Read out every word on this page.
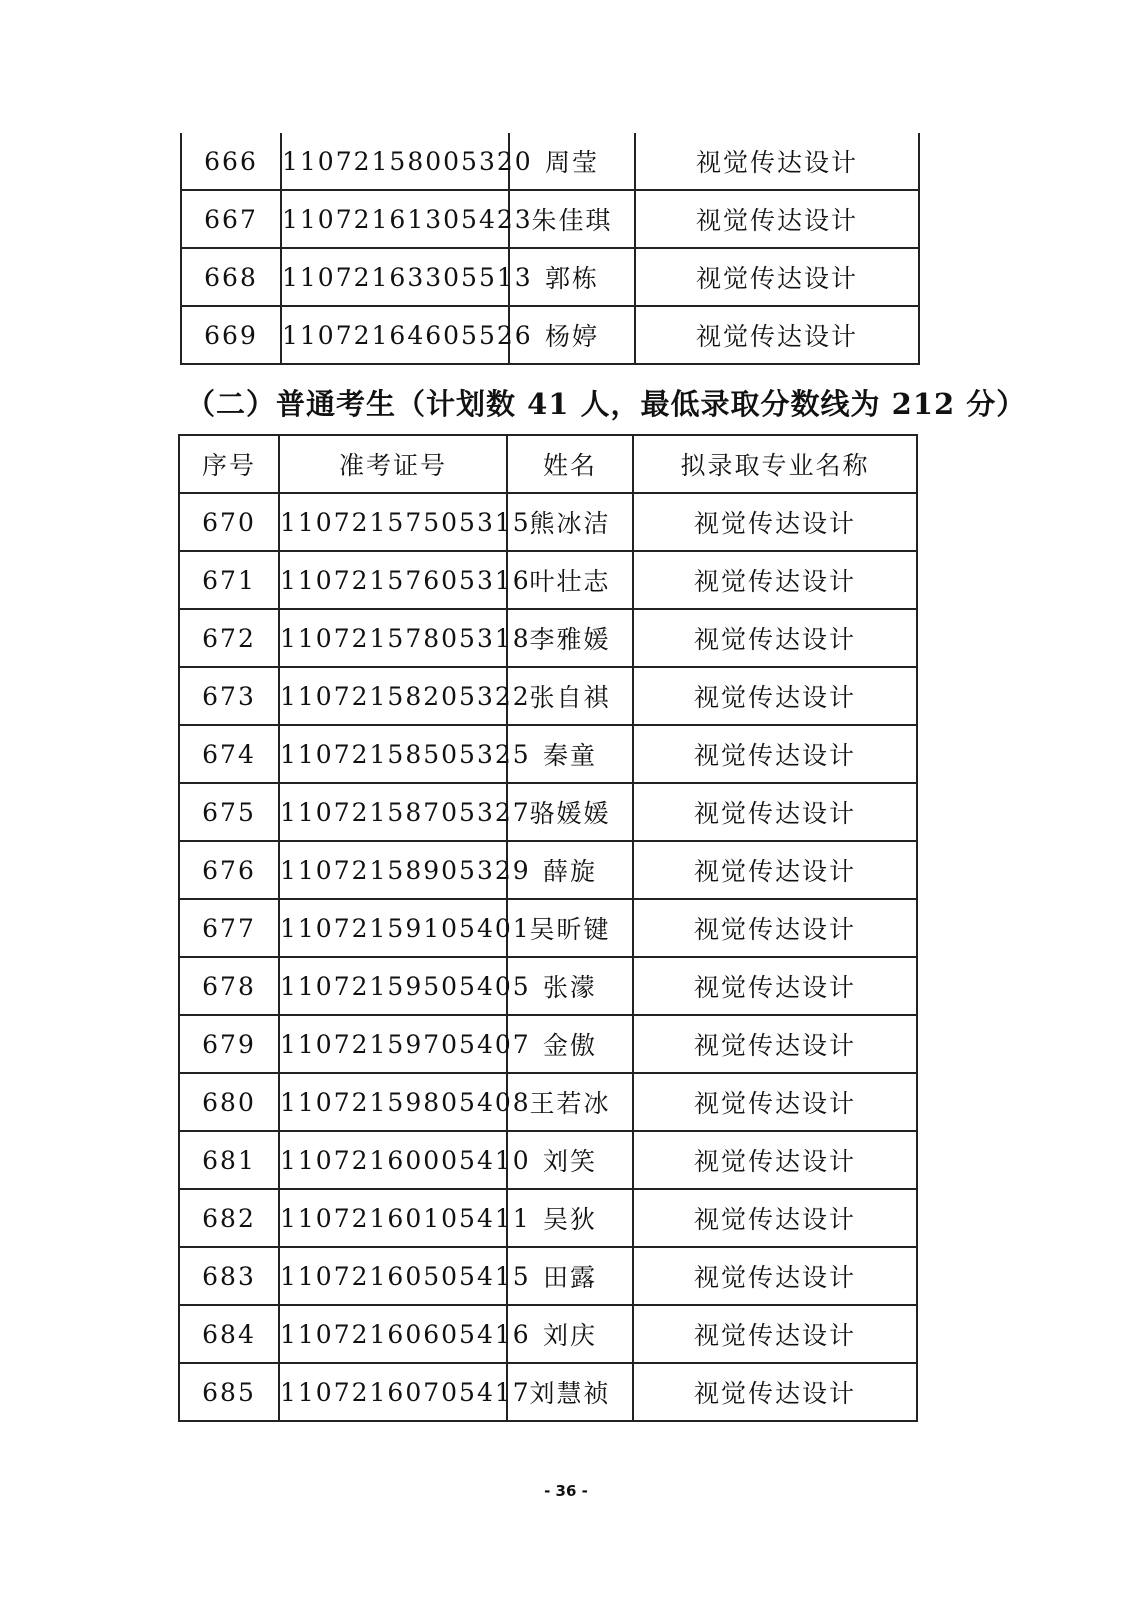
666	11072158005320	周莹	视觉传达设计
667	11072161305423	朱佳琪	视觉传达设计
668	11072163305513	郭栋	视觉传达设计
669	11072164605526	杨婷	视觉传达设计
（二）普通考生（计划数 41 人，最低录取分数线为 212 分）
序号	准考证号	姓名	拟录取专业名称
670	11072157505315	熊冰洁	视觉传达设计
671	11072157605316	叶壮志	视觉传达设计
672	11072157805318	李雅媛	视觉传达设计
673	11072158205322	张自祺	视觉传达设计
674	11072158505325	秦童	视觉传达设计
675	11072158705327	骆媛媛	视觉传达设计
676	11072158905329	薛旋	视觉传达设计
677	11072159105401	吴昕键	视觉传达设计
678	11072159505405	张濛	视觉传达设计
679	11072159705407	金傲	视觉传达设计
680	11072159805408	王若冰	视觉传达设计
681	11072160005410	刘笑	视觉传达设计
682	11072160105411	吴狄	视觉传达设计
683	11072160505415	田露	视觉传达设计
684	11072160605416	刘庆	视觉传达设计
685	11072160705417	刘慧祯	视觉传达设计
- 36 -
